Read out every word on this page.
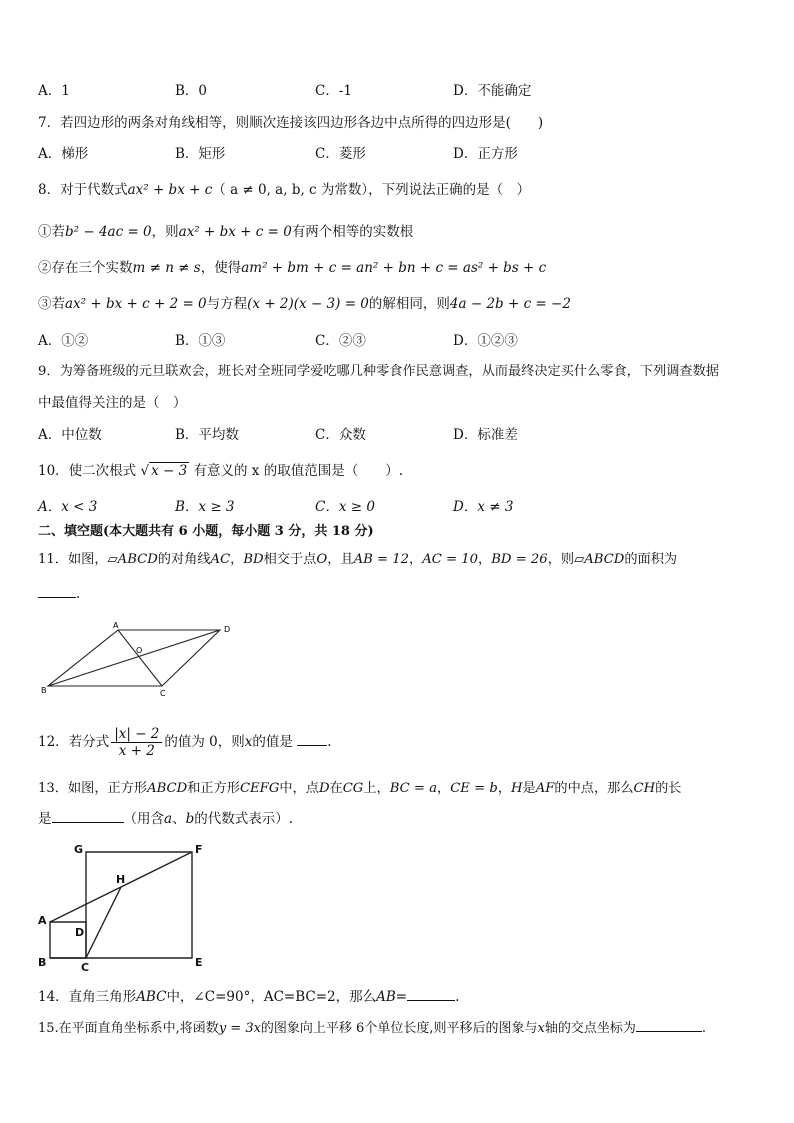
A．1	B．0	C．-1	D．不能确定
7．若四边形的两条对角线相等，则顺次连接该四边形各边中点所得的四边形是(　　)
A．梯形	B．矩形	C．菱形	D．正方形
8．对于代数式ax² + bx + c（ a ≠ 0, a, b, c 为常数），下列说法正确的是（　）
①若b² − 4ac = 0，则ax² + bx + c = 0有两个相等的实数根
②存在三个实数m ≠ n ≠ s，使得am² + bm + c = an² + bn + c = as² + bs + c
③若ax² + bx + c + 2 = 0与方程(x + 2)(x − 3) = 0的解相同，则4a − 2b + c = −2
A．①②	B．①③	C．②③	D．①②③
9．为筹备班级的元旦联欢会，班长对全班同学爱吃哪几种零食作民意调查，从而最终决定买什么零食，下列调查数据
中最值得关注的是（　）
A．中位数	B．平均数	C．众数	D．标准差
10．使二次根式 √ x − 3 有意义的 x 的取值范围是（　　）.
A．x < 3	B．x ≥ 3	C．x ≥ 0	D．x ≠ 3
二、填空题(本大题共有 6 小题，每小题 3 分，共 18 分)
11．如图，▱ABCD的对角线AC，BD相交于点O，且AB = 12，AC = 10，BD = 26，则▱ABCD的面积为
.
A	D
O
B	C
12．若分式 $\frac{|x| - 2}{x + 2}$ 的值为 0，则x的值是	.
13．如图，正方形ABCD和正方形CEFG中，点D在CG上，BC = a，CE = b，H是AF的中点，那么CH的长
是	（用含a、b的代数式表示）.
G	F
H
A
D
B	C	E
14．直角三角形ABC中，∠C=90°，AC=BC=2，那么AB=	.
15.在平面直角坐标系中,将函数y = 3x的图象向上平移 6个单位长度,则平移后的图象与x轴的交点坐标为	.
